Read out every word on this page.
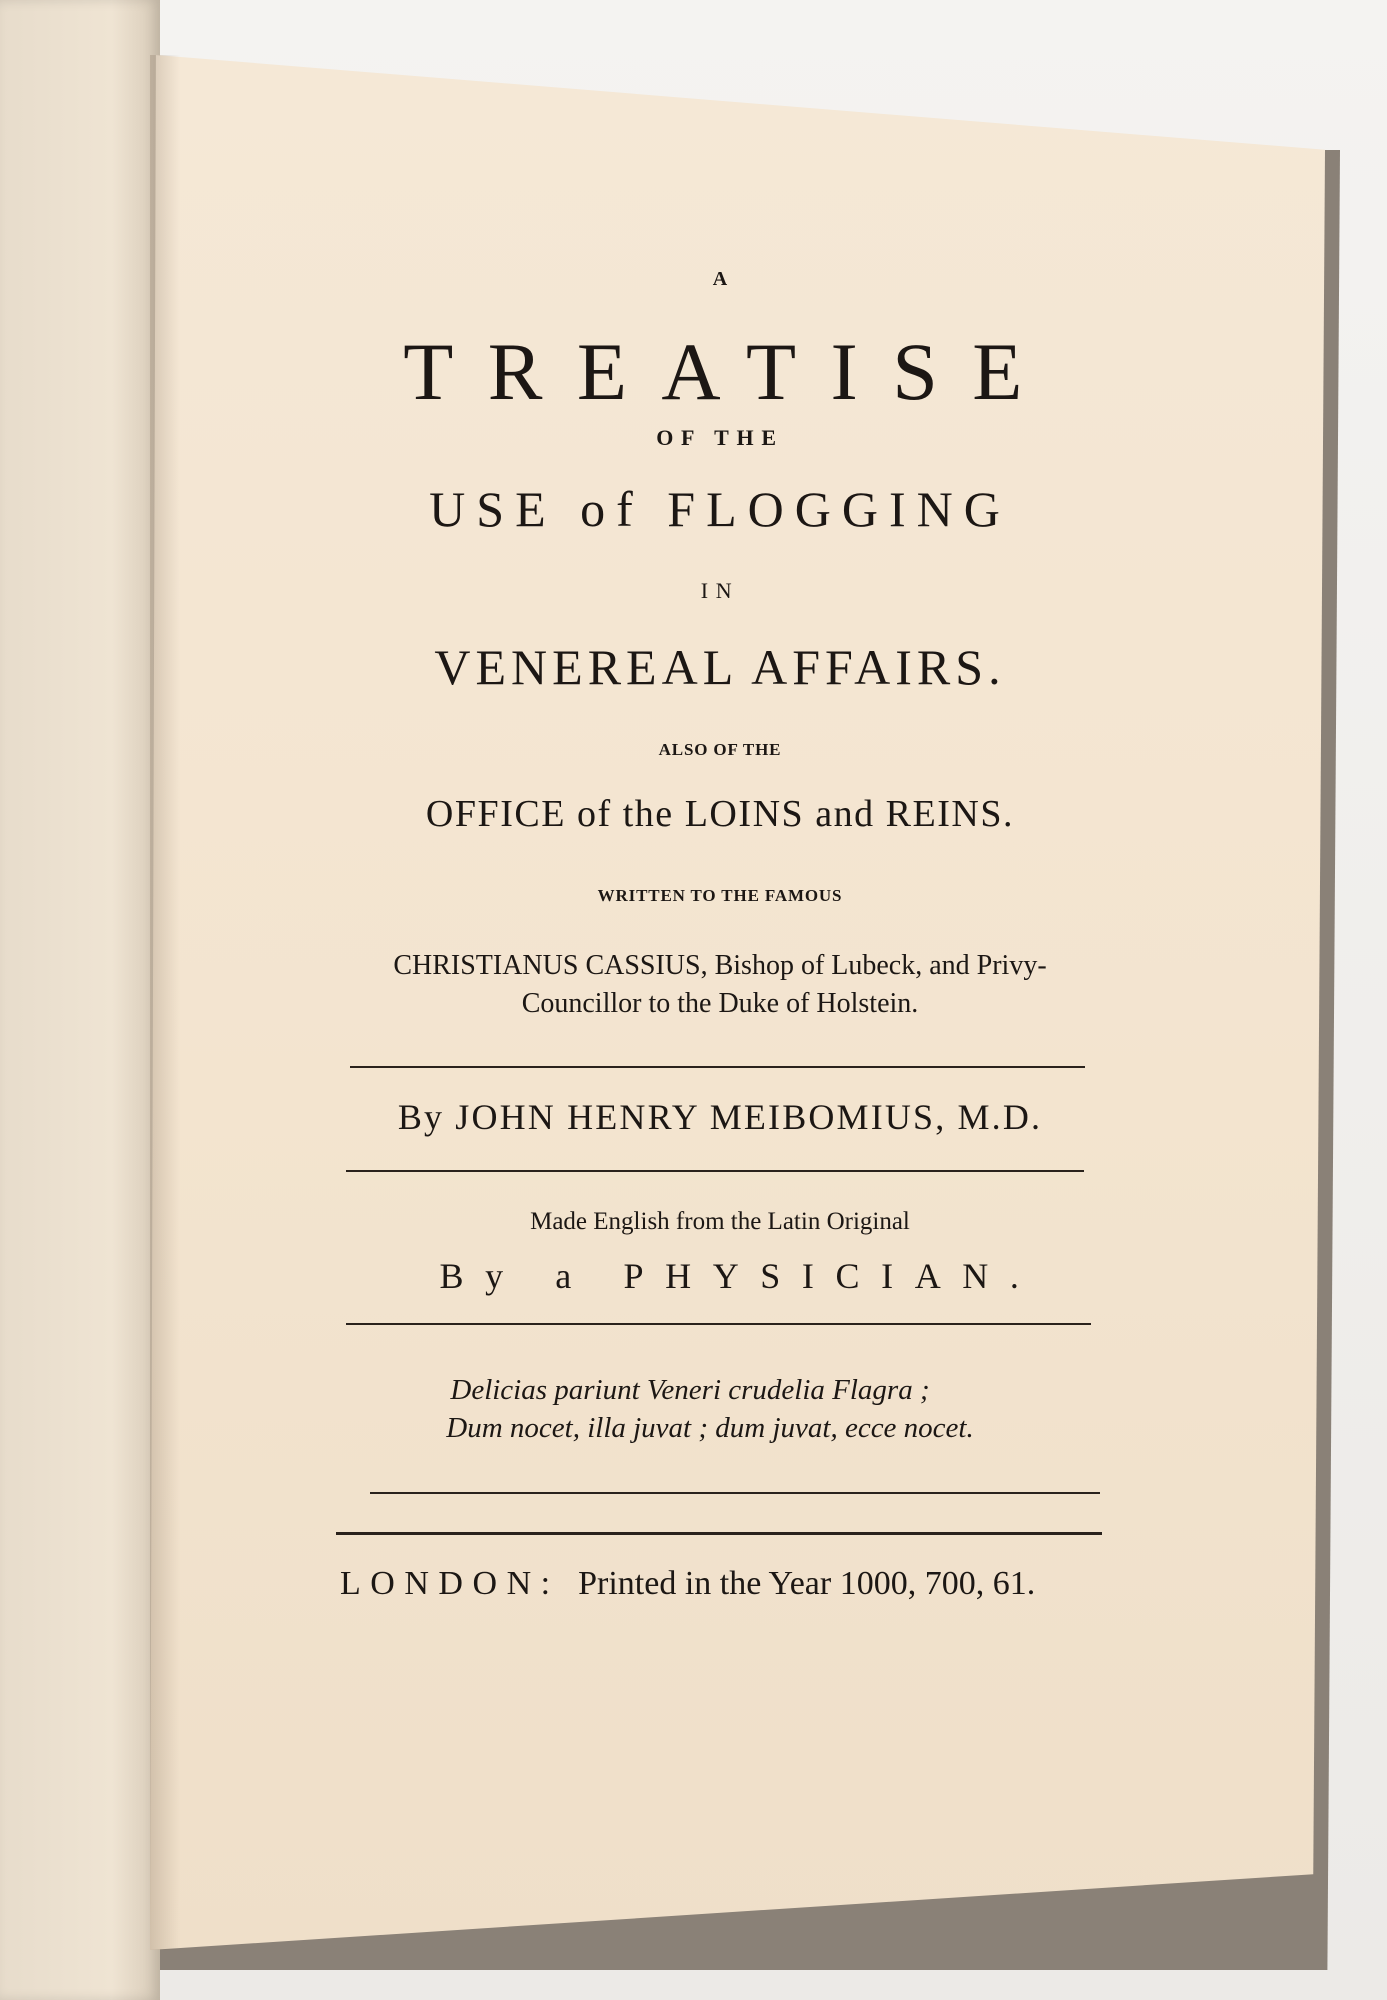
A
TREATISE
OF THE
USE of FLOGGING
IN
VENEREAL AFFAIRS.
ALSO OF THE
OFFICE of the LOINS and REINS.
WRITTEN TO THE FAMOUS
CHRISTIANUS CASSIUS, Bishop of Lubeck, and Privy-
Councillor to the Duke of Holstein.
By JOHN HENRY MEIBOMIUS, M.D.
Made English from the Latin Original
By a PHYSICIAN.
Delicias pariunt Veneri crudelia Flagra ;
Dum nocet, illa juvat ; dum juvat, ecce nocet.
LONDON: Printed in the Year 1000, 700, 61.
